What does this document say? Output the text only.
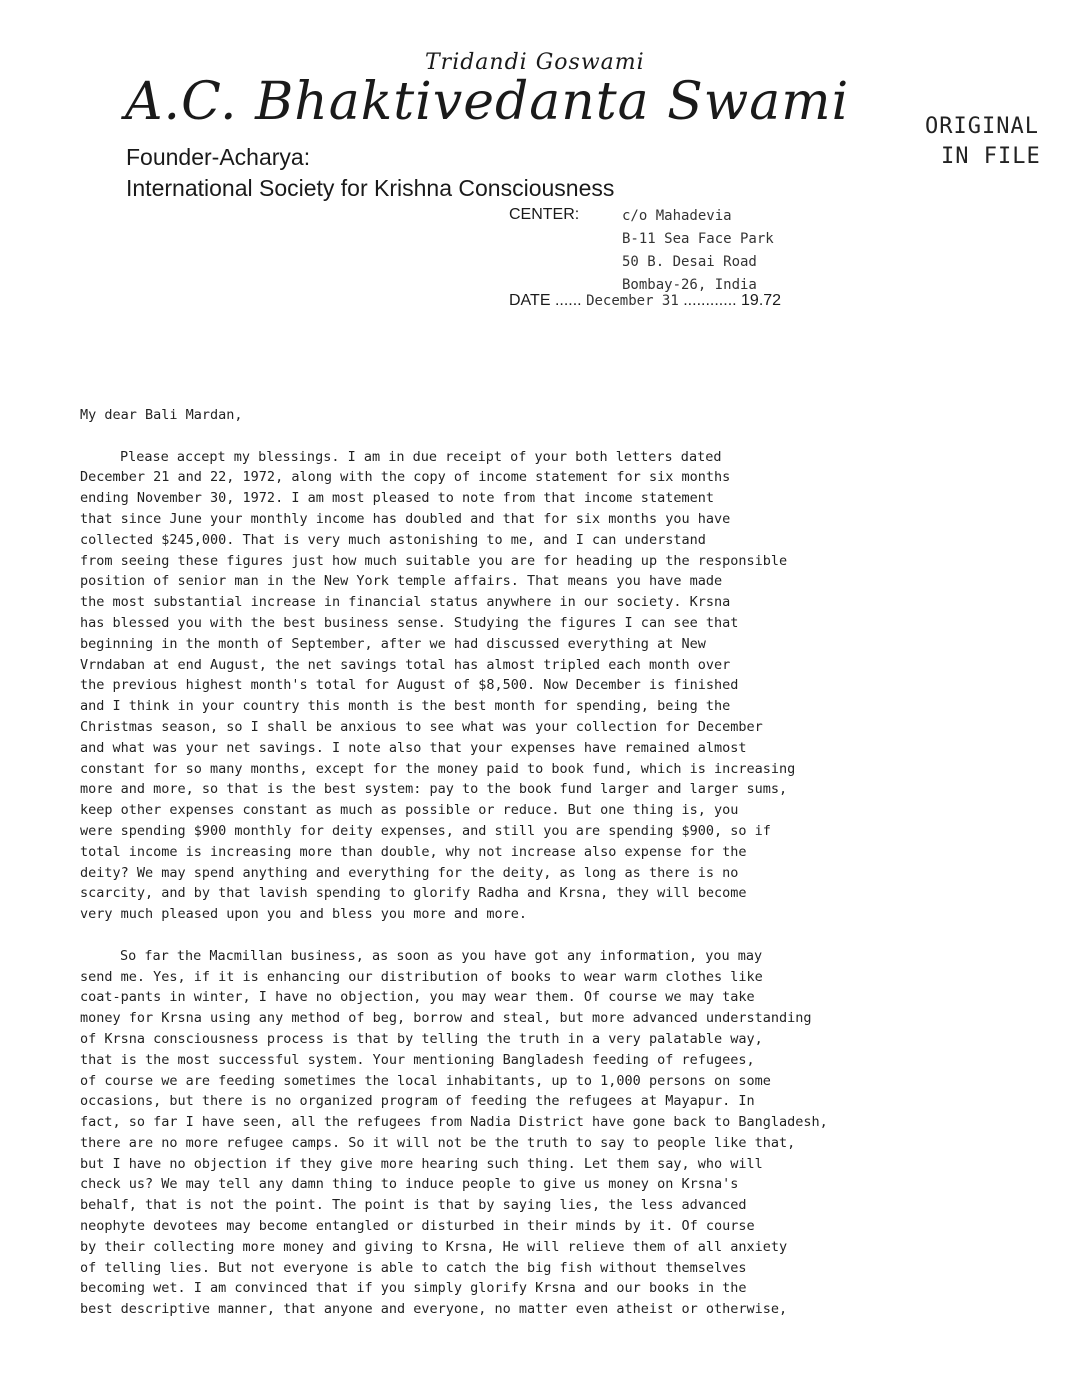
Tridandi Goswami
A.C. Bhaktivedanta Swami
Founder-Acharya:
International Society for Krishna Consciousness
CENTER:	c/o Mahadevia
B-11 Sea Face Park
50 B. Desai Road
Bombay-26, India
DATE ...... December 31 ............ 19.72
ORIGINAL
IN FILE

My dear Bali Mardan,

Please accept my blessings. I am in due receipt of your both letters dated
December 21 and 22, 1972, along with the copy of income statement for six months
ending November 30, 1972. I am most pleased to note from that income statement
that since June your monthly income has doubled and that for six months you have
collected $245,000. That is very much astonishing to me, and I can understand
from seeing these figures just how much suitable you are for heading up the responsible
position of senior man in the New York temple affairs. That means you have made
the most substantial increase in financial status anywhere in our society. Krsna
has blessed you with the best business sense. Studying the figures I can see that
beginning in the month of September, after we had discussed everything at New
Vrndaban at end August, the net savings total has almost tripled each month over
the previous highest month's total for August of $8,500. Now December is finished
and I think in your country this month is the best month for spending, being the
Christmas season, so I shall be anxious to see what was your collection for December
and what was your net savings. I note also that your expenses have remained almost
constant for so many months, except for the money paid to book fund, which is increasing
more and more, so that is the best system: pay to the book fund larger and larger sums,
keep other expenses constant as much as possible or reduce. But one thing is, you
were spending $900 monthly for deity expenses, and still you are spending $900, so if
total income is increasing more than double, why not increase also expense for the
deity? We may spend anything and everything for the deity, as long as there is no
scarcity, and by that lavish spending to glorify Radha and Krsna, they will become
very much pleased upon you and bless you more and more.

So far the Macmillan business, as soon as you have got any information, you may
send me. Yes, if it is enhancing our distribution of books to wear warm clothes like
coat-pants in winter, I have no objection, you may wear them. Of course we may take
money for Krsna using any method of beg, borrow and steal, but more advanced understanding
of Krsna consciousness process is that by telling the truth in a very palatable way,
that is the most successful system. Your mentioning Bangladesh feeding of refugees,
of course we are feeding sometimes the local inhabitants, up to 1,000 persons on some
occasions, but there is no organized program of feeding the refugees at Mayapur. In
fact, so far I have seen, all the refugees from Nadia District have gone back to Bangladesh,
there are no more refugee camps. So it will not be the truth to say to people like that,
but I have no objection if they give more hearing such thing. Let them say, who will
check us? We may tell any damn thing to induce people to give us money on Krsna's
behalf, that is not the point. The point is that by saying lies, the less advanced
neophyte devotees may become entangled or disturbed in their minds by it. Of course
by their collecting more money and giving to Krsna, He will relieve them of all anxiety
of telling lies. But not everyone is able to catch the big fish without themselves
becoming wet. I am convinced that if you simply glorify Krsna and our books in the
best descriptive manner, that anyone and everyone, no matter even atheist or otherwise,
